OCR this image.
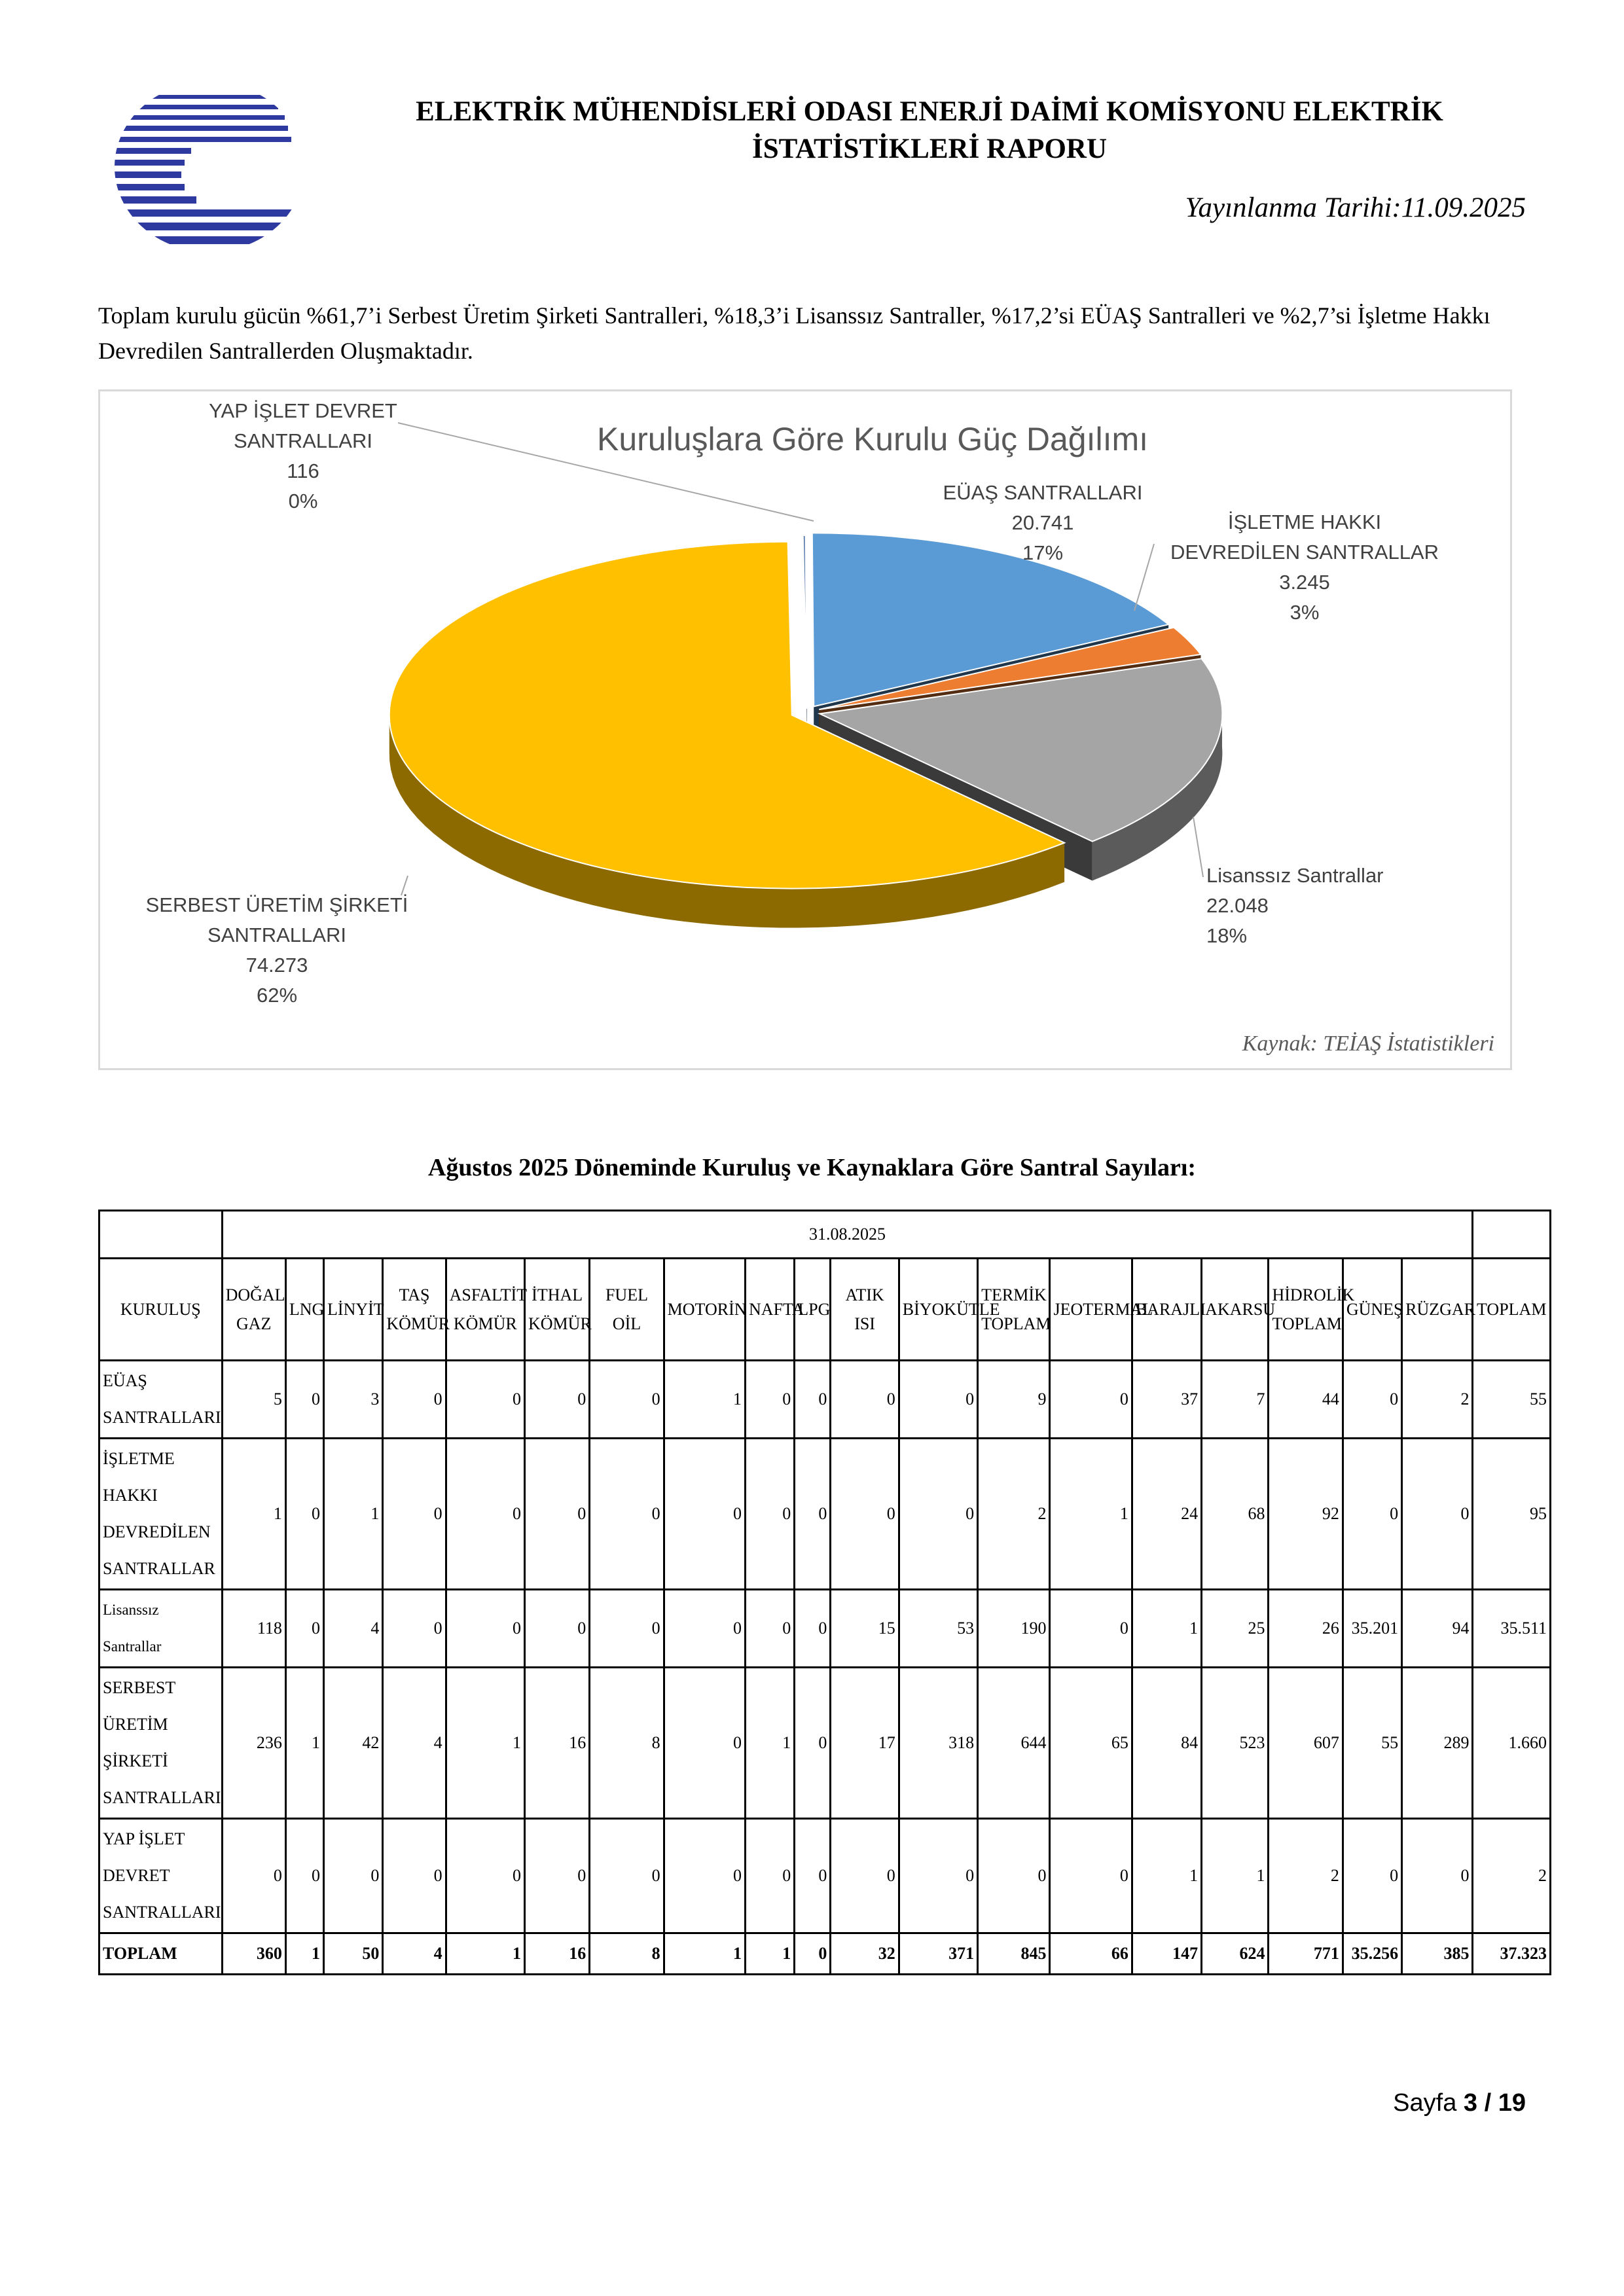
ELEKTRİK MÜHENDİSLERİ ODASI ENERJİ DAİMİ KOMİSYONU ELEKTRİK
İSTATİSTİKLERİ RAPORU
Yayınlanma Tarihi:11.09.2025
Toplam kurulu gücün %61,7’i Serbest Üretim Şirketi Santralleri, %18,3’i Lisanssız Santraller, %17,2’si EÜAŞ Santralleri ve %2,7’si İşletme Hakkı Devredilen Santrallerden Oluşmaktadır.
Kuruluşlara Göre Kurulu Güç Dağılımı
YAP İŞLET DEVRET
SANTRALLARI
116
0%	EÜAŞ SANTRALLARI
20.741
17%
İŞLETME HAKKI
DEVREDİLEN SANTRALLAR
3.245
3%
Lisanssız Santrallar
22.048
18%
SERBEST ÜRETİM ŞİRKETİ
SANTRALLARI
74.273
62%
Kaynak: TEİAŞ İstatistikleri
Ağustos 2025 Döneminde Kuruluş ve Kaynaklara Göre Santral Sayıları:
	31.08.2025																			
KURULUŞ	DOĞAL GAZ	LNG	LİNYİT	TAŞ KÖMÜR	ASFALTİT KÖMÜR	İTHAL KÖMÜR	FUEL OİL	MOTORİN	NAFTA	LPG	ATIK ISI	BİYOKÜTLE	TERMİK TOPLAM	JEOTERMAL	BARAJLI	AKARSU	HİDROLİK TOPLAM	GÜNEŞ	RÜZGAR	TOPLAM
EÜAŞ SANTRALLARI	5	0	3	0	0	0	0	1	0	0	0	0	9	0	37	7	44	0	2	55
İŞLETME HAKKI DEVREDİLEN SANTRALLAR	1	0	1	0	0	0	0	0	0	0	0	0	2	1	24	68	92	0	0	95
Lisanssız Santrallar	118	0	4	0	0	0	0	0	0	0	15	53	190	0	1	25	26	35.201	94	35.511
SERBEST ÜRETİM ŞİRKETİ SANTRALLARI	236	1	42	4	1	16	8	0	1	0	17	318	644	65	84	523	607	55	289	1.660
YAP İŞLET DEVRET SANTRALLARI	0	0	0	0	0	0	0	0	0	0	0	0	0	0	1	1	2	0	0	2
TOPLAM	360	1	50	4	1	16	8	1	1	0	32	371	845	66	147	624	771	35.256	385	37.323
Sayfa 3 / 19
